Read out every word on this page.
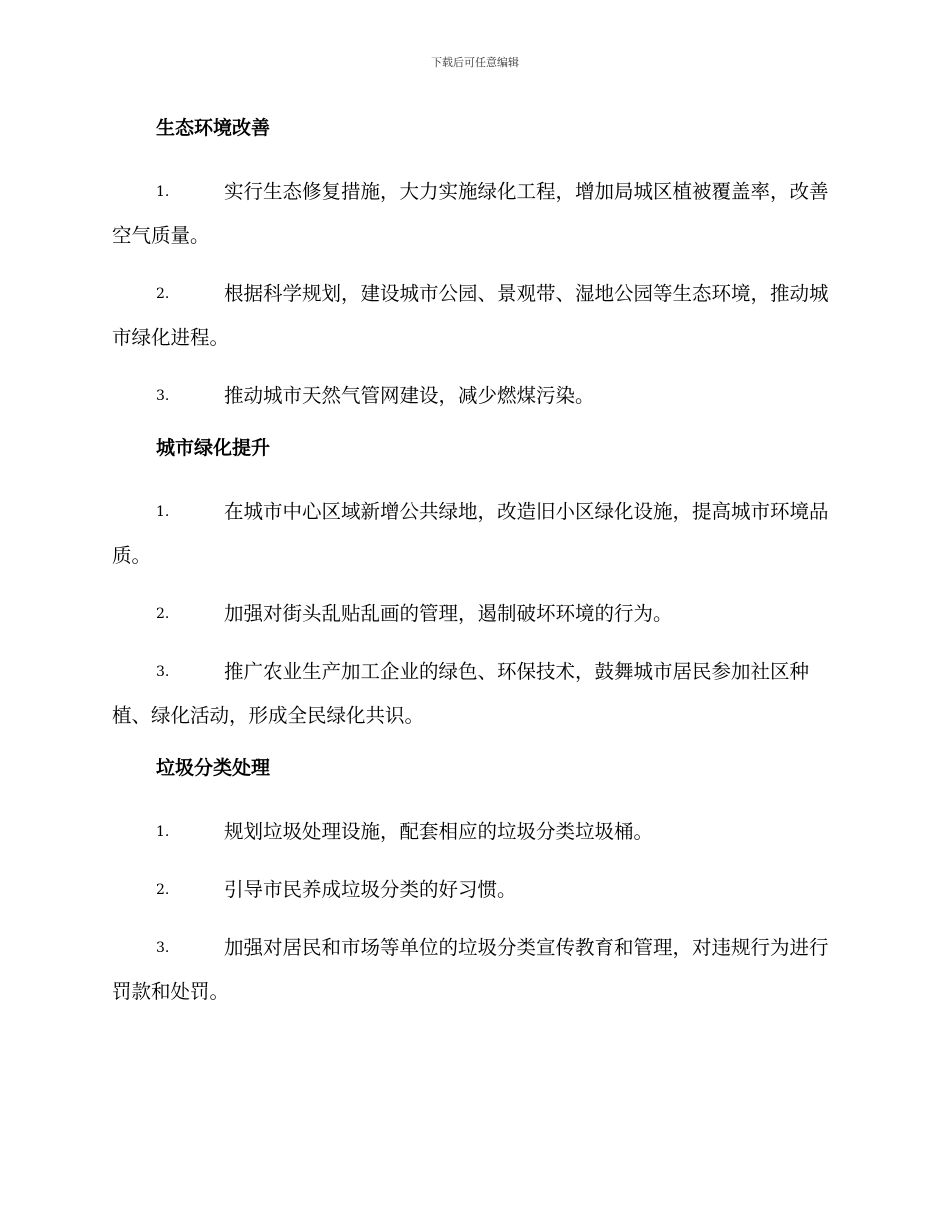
下载后可任意编辑
生态环境改善
1.	实行生态修复措施，大力实施绿化工程，增加局城区植被覆盖率，改善空气质量。
2.	根据科学规划，建设城市公园、景观带、湿地公园等生态环境，推动城市绿化进程。
3.	推动城市天然气管网建设，减少燃煤污染。
城市绿化提升
1.	在城市中心区域新增公共绿地，改造旧小区绿化设施，提高城市环境品质。
2.	加强对街头乱贴乱画的管理，遏制破坏环境的行为。
3.	推广农业生产加工企业的绿色、环保技术，鼓舞城市居民参加社区种植、绿化活动，形成全民绿化共识。
垃圾分类处理
1.	规划垃圾处理设施，配套相应的垃圾分类垃圾桶。
2.	引导市民养成垃圾分类的好习惯。
3.	加强对居民和市场等单位的垃圾分类宣传教育和管理，对违规行为进行罚款和处罚。
